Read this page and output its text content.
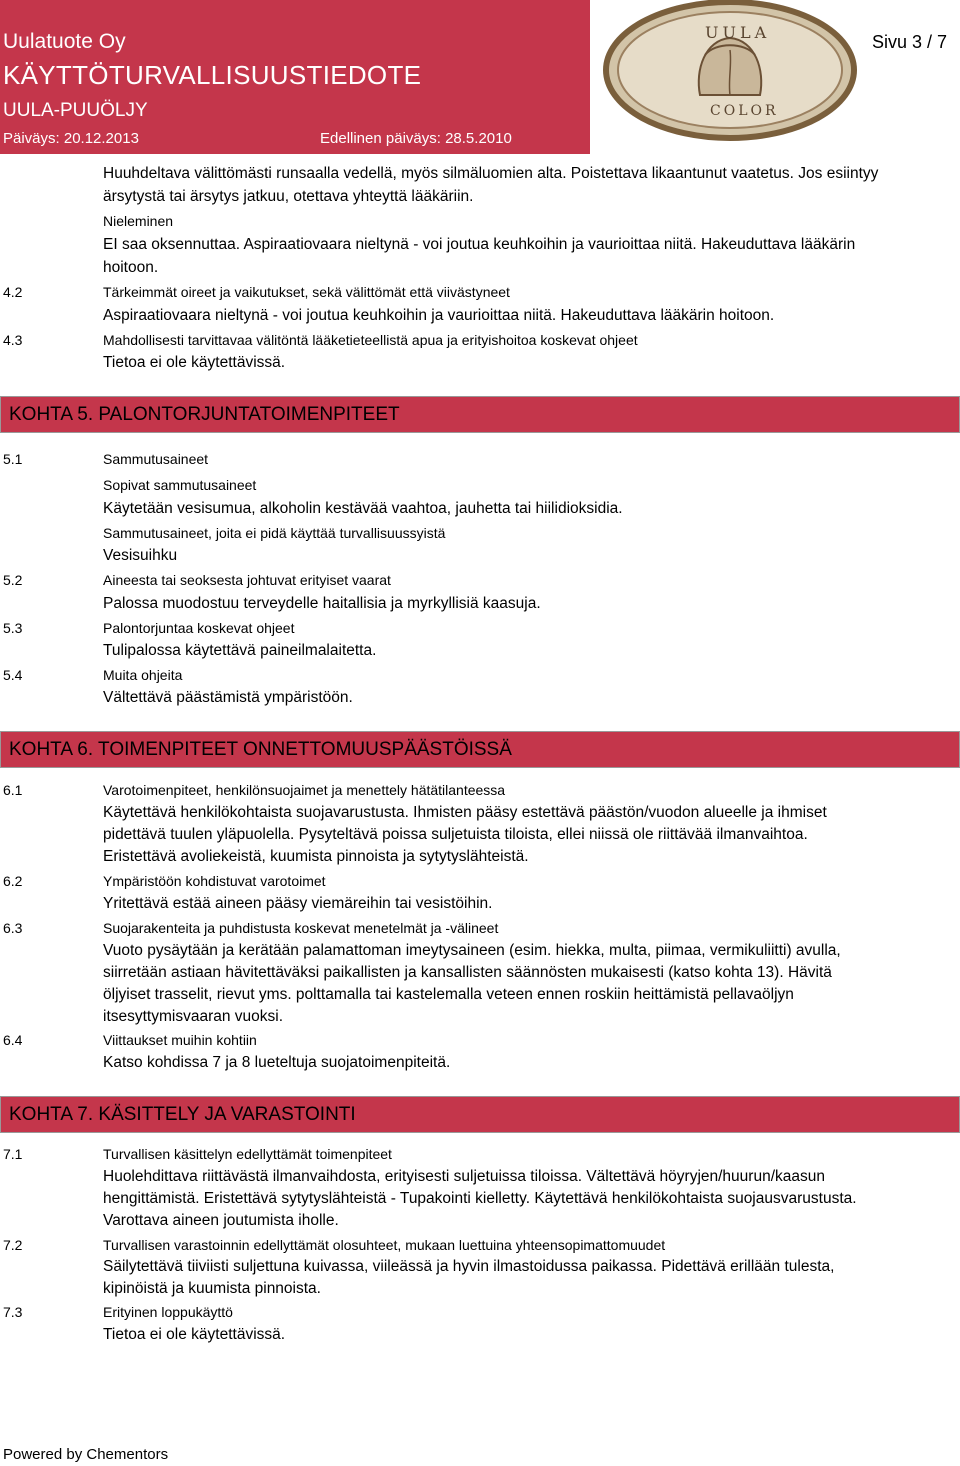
Uulatuote Oy
KÄYTTÖTURVALLISUUSTIEDOTE
UULA-PUUÖLJY
Päiväys: 20.12.2013	Edellinen päiväys: 28.5.2010
Sivu 3 / 7
UULA
COLOR
Huuhdeltava välittömästi runsaalla vedellä, myös silmäluomien alta. Poistettava likaantunut vaatetus. Jos esiintyy
ärsytystä tai ärsytys jatkuu, otettava yhteyttä lääkäriin.
Nieleminen
EI saa oksennuttaa. Aspiraatiovaara nieltynä - voi joutua keuhkoihin ja vaurioittaa niitä. Hakeuduttava lääkärin
hoitoon.
4.2	Tärkeimmät oireet ja vaikutukset, sekä välittömät että viivästyneet
Aspiraatiovaara nieltynä - voi joutua keuhkoihin ja vaurioittaa niitä. Hakeuduttava lääkärin hoitoon.
4.3	Mahdollisesti tarvittavaa välitöntä lääketieteellistä apua ja erityishoitoa koskevat ohjeet
Tietoa ei ole käytettävissä.
KOHTA 5. PALONTORJUNTATOIMENPITEET
5.1	Sammutusaineet
Sopivat sammutusaineet
Käytetään vesisumua, alkoholin kestävää vaahtoa, jauhetta tai hiilidioksidia.
Sammutusaineet, joita ei pidä käyttää turvallisuussyistä
Vesisuihku
5.2	Aineesta tai seoksesta johtuvat erityiset vaarat
Palossa muodostuu terveydelle haitallisia ja myrkyllisiä kaasuja.
5.3	Palontorjuntaa koskevat ohjeet
Tulipalossa käytettävä paineilmalaitetta.
5.4	Muita ohjeita
Vältettävä päästämistä ympäristöön.
KOHTA 6. TOIMENPITEET ONNETTOMUUSPÄÄSTÖISSÄ
6.1	Varotoimenpiteet, henkilönsuojaimet ja menettely hätätilanteessa
Käytettävä henkilökohtaista suojavarustusta. Ihmisten pääsy estettävä päästön/vuodon alueelle ja ihmiset
pidettävä tuulen yläpuolella. Pysyteltävä poissa suljetuista tiloista, ellei niissä ole riittävää ilmanvaihtoa.
Eristettävä avoliekeistä, kuumista pinnoista ja sytytyslähteistä.
6.2	Ympäristöön kohdistuvat varotoimet
Yritettävä estää aineen pääsy viemäreihin tai vesistöihin.
6.3	Suojarakenteita ja puhdistusta koskevat menetelmät ja -välineet
Vuoto pysäytään ja kerätään palamattoman imeytysaineen (esim. hiekka, multa, piimaa, vermikuliitti) avulla,
siirretään astiaan hävitettäväksi paikallisten ja kansallisten säännösten mukaisesti (katso kohta 13). Hävitä
öljyiset trasselit, rievut yms. polttamalla tai kastelemalla veteen ennen roskiin heittämistä pellavaöljyn
itsesyttymisvaaran vuoksi.
6.4	Viittaukset muihin kohtiin
Katso kohdissa 7 ja 8 lueteltuja suojatoimenpiteitä.
KOHTA 7. KÄSITTELY JA VARASTOINTI
7.1	Turvallisen käsittelyn edellyttämät toimenpiteet
Huolehdittava riittävästä ilmanvaihdosta, erityisesti suljetuissa tiloissa. Vältettävä höyryjen/huurun/kaasun
hengittämistä. Eristettävä sytytyslähteistä - Tupakointi kielletty. Käytettävä henkilökohtaista suojausvarustusta.
Varottava aineen joutumista iholle.
7.2	Turvallisen varastoinnin edellyttämät olosuhteet, mukaan luettuina yhteensopimattomuudet
Säilytettävä tiiviisti suljettuna kuivassa, viileässä ja hyvin ilmastoidussa paikassa. Pidettävä erillään tulesta,
kipinöistä ja kuumista pinnoista.
7.3	Erityinen loppukäyttö
Tietoa ei ole käytettävissä.
Powered by Chementors
